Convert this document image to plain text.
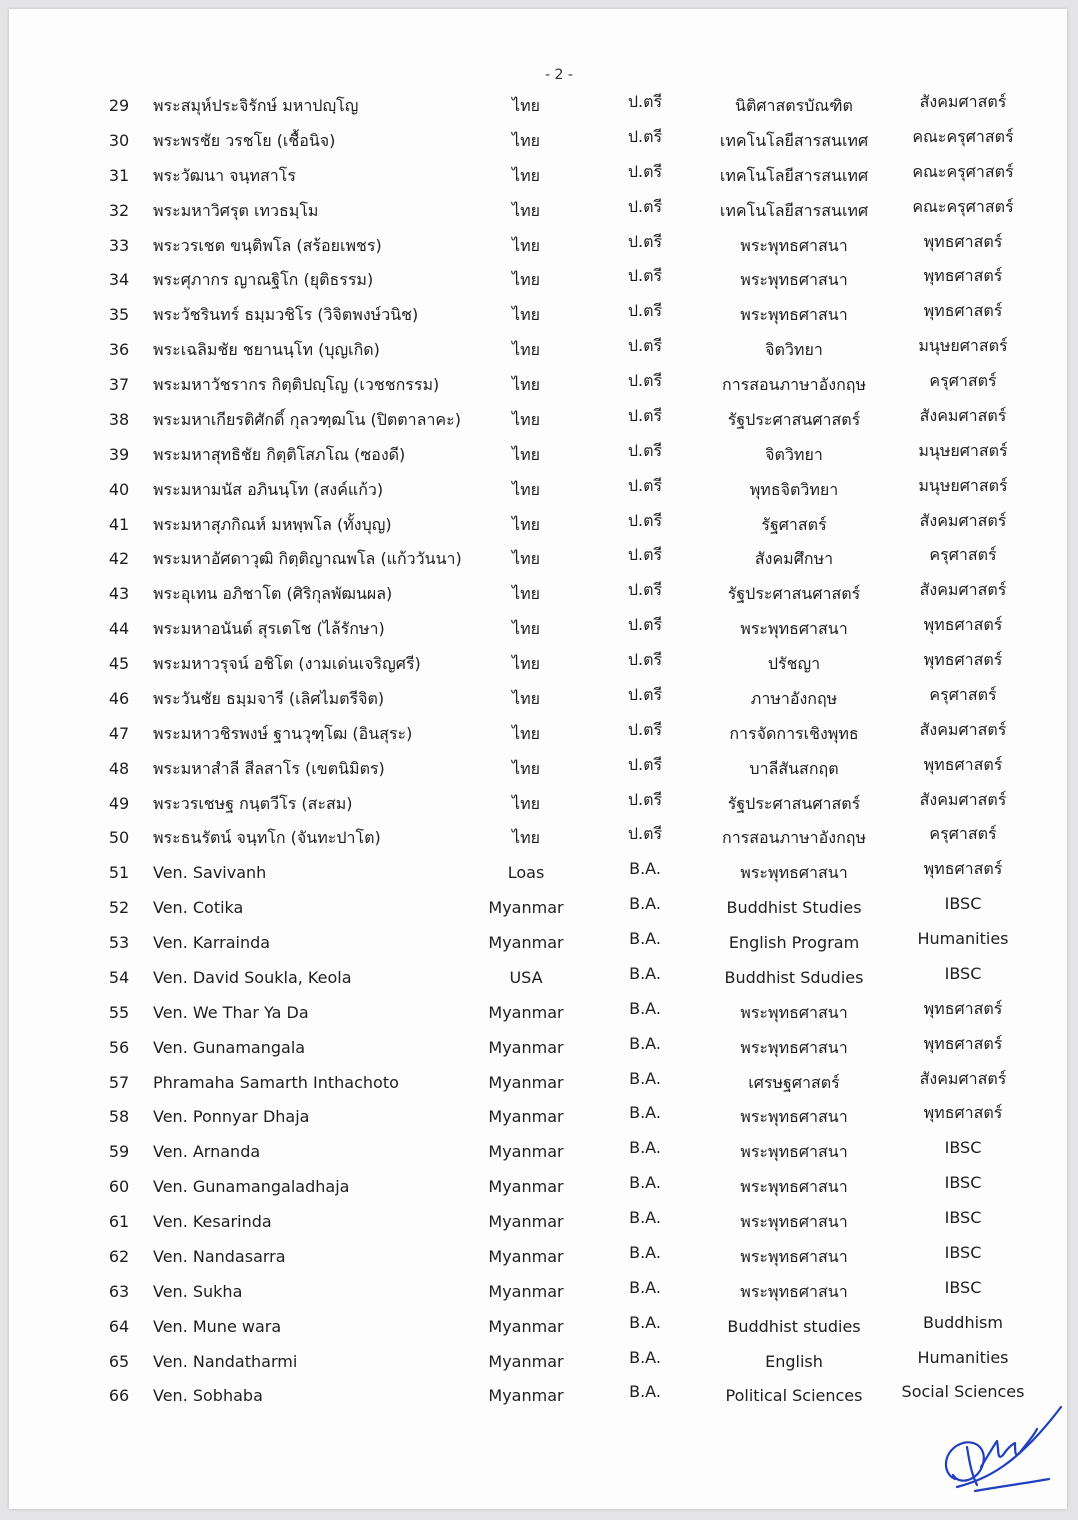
- 2 -
29	พระสมุห์ประจิรักษ์ มหาปญฺโญ	ไทย	ป.ตรี	นิติศาสตรบัณฑิต	สังคมศาสตร์
30	พระพรชัย วรชโย (เชื้อนิจ)	ไทย	ป.ตรี	เทคโนโลยีสารสนเทศ	คณะครุศาสตร์
31	พระวัฒนา จนฺทสาโร	ไทย	ป.ตรี	เทคโนโลยีสารสนเทศ	คณะครุศาสตร์
32	พระมหาวิศรุต เทวธมฺโม	ไทย	ป.ตรี	เทคโนโลยีสารสนเทศ	คณะครุศาสตร์
33	พระวรเชต ขนฺติพโล (สร้อยเพชร)	ไทย	ป.ตรี	พระพุทธศาสนา	พุทธศาสตร์
34	พระศุภากร ญาณฐิโก (ยุติธรรม)	ไทย	ป.ตรี	พระพุทธศาสนา	พุทธศาสตร์
35	พระวัชรินทร์ ธมฺมวชิโร (วิจิตพงษ์วนิช)	ไทย	ป.ตรี	พระพุทธศาสนา	พุทธศาสตร์
36	พระเฉลิมชัย ชยานนฺโท (บุญเกิด)	ไทย	ป.ตรี	จิตวิทยา	มนุษยศาสตร์
37	พระมหาวัชรากร กิตฺติปญฺโญ (เวชชกรรม)	ไทย	ป.ตรี	การสอนภาษาอังกฤษ	ครุศาสตร์
38	พระมหาเกียรติศักดิ์ กุลวฑฺฒโน (ปิตตาลาคะ)	ไทย	ป.ตรี	รัฐประศาสนศาสตร์	สังคมศาสตร์
39	พระมหาสุทธิชัย กิตฺติโสภโณ (ซองดี)	ไทย	ป.ตรี	จิตวิทยา	มนุษยศาสตร์
40	พระมหามนัส อภินนฺโท (สงค์แก้ว)	ไทย	ป.ตรี	พุทธจิตวิทยา	มนุษยศาสตร์
41	พระมหาสุภกิณห์ มหพฺพโล (ทั้งบุญ)	ไทย	ป.ตรี	รัฐศาสตร์	สังคมศาสตร์
42	พระมหาอัศดาวุฒิ กิตฺติญาณพโล (แก้ววันนา)	ไทย	ป.ตรี	สังคมศึกษา	ครุศาสตร์
43	พระอุเทน อภิชาโต (ศิริกุลพัฒนผล)	ไทย	ป.ตรี	รัฐประศาสนศาสตร์	สังคมศาสตร์
44	พระมหาอนันต์ สุรเตโช (ไล้รักษา)	ไทย	ป.ตรี	พระพุทธศาสนา	พุทธศาสตร์
45	พระมหาวรุจน์ อชิโต (งามเด่นเจริญศรี)	ไทย	ป.ตรี	ปรัชญา	พุทธศาสตร์
46	พระวันชัย ธมฺมจารี (เลิศไมตรีจิต)	ไทย	ป.ตรี	ภาษาอังกฤษ	ครุศาสตร์
47	พระมหาวชิรพงษ์ ฐานวุฑฺโฒ (อินสุระ)	ไทย	ป.ตรี	การจัดการเชิงพุทธ	สังคมศาสตร์
48	พระมหาสำลี สีลสาโร (เขตนิมิตร)	ไทย	ป.ตรี	บาลีสันสกฤต	พุทธศาสตร์
49	พระวรเชษฐ กนฺตวีโร (สะสม)	ไทย	ป.ตรี	รัฐประศาสนศาสตร์	สังคมศาสตร์
50	พระธนรัตน์ จนฺทโก (จันทะปาโต)	ไทย	ป.ตรี	การสอนภาษาอังกฤษ	ครุศาสตร์
51	Ven. Savivanh	Loas	B.A.	พระพุทธศาสนา	พุทธศาสตร์
52	Ven. Cotika	Myanmar	B.A.	Buddhist Studies	IBSC
53	Ven. Karrainda	Myanmar	B.A.	English Program	Humanities
54	Ven. David Soukla, Keola	USA	B.A.	Buddhist Sdudies	IBSC
55	Ven. We Thar Ya Da	Myanmar	B.A.	พระพุทธศาสนา	พุทธศาสตร์
56	Ven. Gunamangala	Myanmar	B.A.	พระพุทธศาสนา	พุทธศาสตร์
57	Phramaha Samarth Inthachoto	Myanmar	B.A.	เศรษฐศาสตร์	สังคมศาสตร์
58	Ven. Ponnyar Dhaja	Myanmar	B.A.	พระพุทธศาสนา	พุทธศาสตร์
59	Ven. Arnanda	Myanmar	B.A.	พระพุทธศาสนา	IBSC
60	Ven. Gunamangaladhaja	Myanmar	B.A.	พระพุทธศาสนา	IBSC
61	Ven. Kesarinda	Myanmar	B.A.	พระพุทธศาสนา	IBSC
62	Ven. Nandasarra	Myanmar	B.A.	พระพุทธศาสนา	IBSC
63	Ven. Sukha	Myanmar	B.A.	พระพุทธศาสนา	IBSC
64	Ven. Mune wara	Myanmar	B.A.	Buddhist studies	Buddhism
65	Ven. Nandatharmi	Myanmar	B.A.	English	Humanities
66	Ven. Sobhaba	Myanmar	B.A.	Political Sciences	Social Sciences
